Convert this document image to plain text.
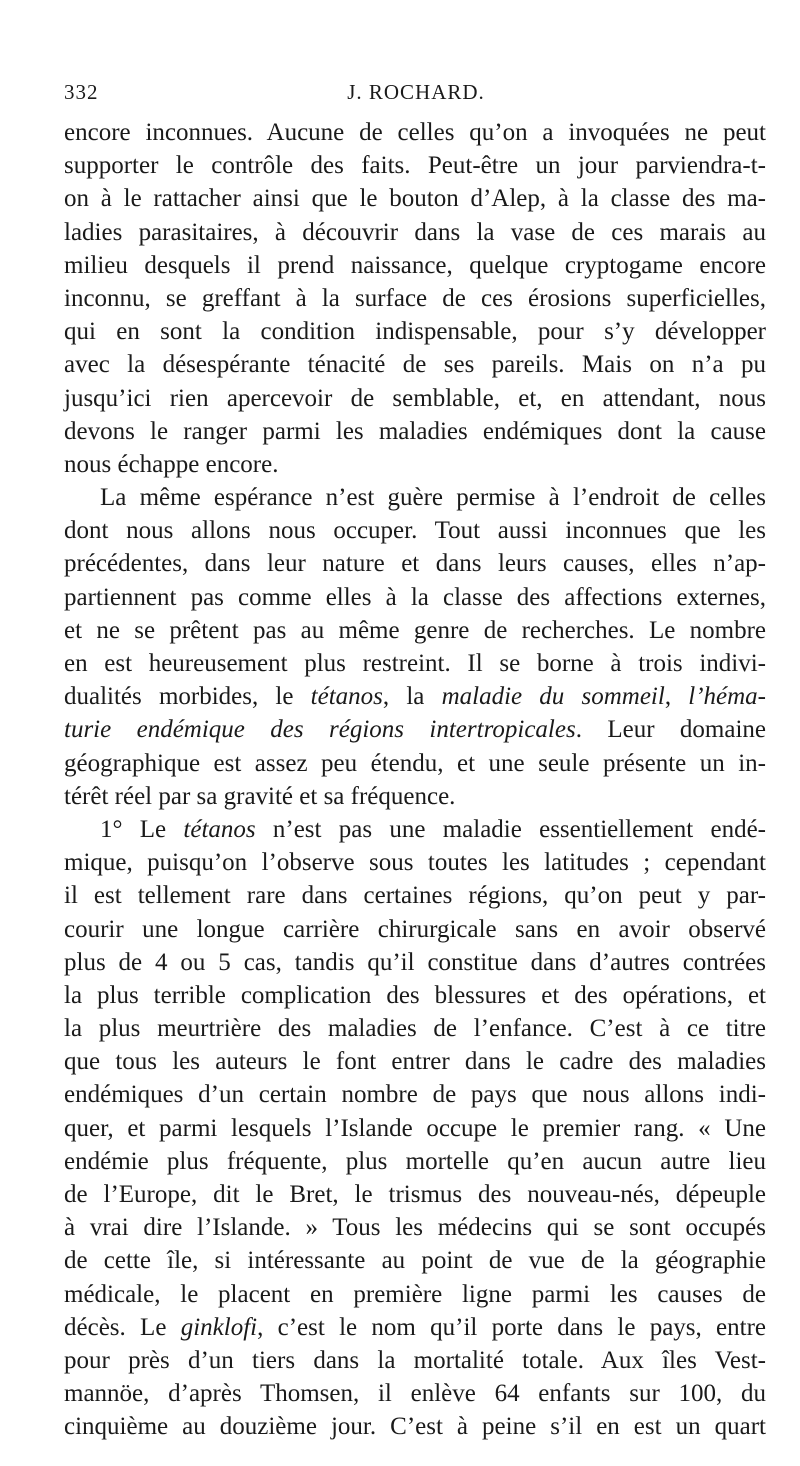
332	J. ROCHARD.
encore inconnues. Aucune de celles qu’on a invoquées ne peut
supporter le contrôle des faits. Peut-être un jour parviendra-t-
on à le rattacher ainsi que le bouton d’Alep, à la classe des ma-
ladies parasitaires, à découvrir dans la vase de ces marais au
milieu desquels il prend naissance, quelque cryptogame encore
inconnu, se greffant à la surface de ces érosions superficielles,
qui en sont la condition indispensable, pour s’y développer
avec la désespérante ténacité de ses pareils. Mais on n’a pu
jusqu’ici rien apercevoir de semblable, et, en attendant, nous
devons le ranger parmi les maladies endémiques dont la cause
nous échappe encore.
La même espérance n’est guère permise à l’endroit de celles
dont nous allons nous occuper. Tout aussi inconnues que les
précédentes, dans leur nature et dans leurs causes, elles n’ap-
partiennent pas comme elles à la classe des affections externes,
et ne se prêtent pas au même genre de recherches. Le nombre
en est heureusement plus restreint. Il se borne à trois indivi-
dualités morbides, le tétanos, la maladie du sommeil, l’héma-
turie endémique des régions intertropicales. Leur domaine
géographique est assez peu étendu, et une seule présente un in-
térêt réel par sa gravité et sa fréquence.
1° Le tétanos n’est pas une maladie essentiellement endé-
mique, puisqu’on l’observe sous toutes les latitudes ; cependant
il est tellement rare dans certaines régions, qu’on peut y par-
courir une longue carrière chirurgicale sans en avoir observé
plus de 4 ou 5 cas, tandis qu’il constitue dans d’autres contrées
la plus terrible complication des blessures et des opérations, et
la plus meurtrière des maladies de l’enfance. C’est à ce titre
que tous les auteurs le font entrer dans le cadre des maladies
endémiques d’un certain nombre de pays que nous allons indi-
quer, et parmi lesquels l’Islande occupe le premier rang. « Une
endémie plus fréquente, plus mortelle qu’en aucun autre lieu
de l’Europe, dit le Bret, le trismus des nouveau-nés, dépeuple
à vrai dire l’Islande. » Tous les médecins qui se sont occupés
de cette île, si intéressante au point de vue de la géographie
médicale, le placent en première ligne parmi les causes de
décès. Le ginklofi, c’est le nom qu’il porte dans le pays, entre
pour près d’un tiers dans la mortalité totale. Aux îles Vest-
mannöe, d’après Thomsen, il enlève 64 enfants sur 100, du
cinquième au douzième jour. C’est à peine s’il en est un quart
